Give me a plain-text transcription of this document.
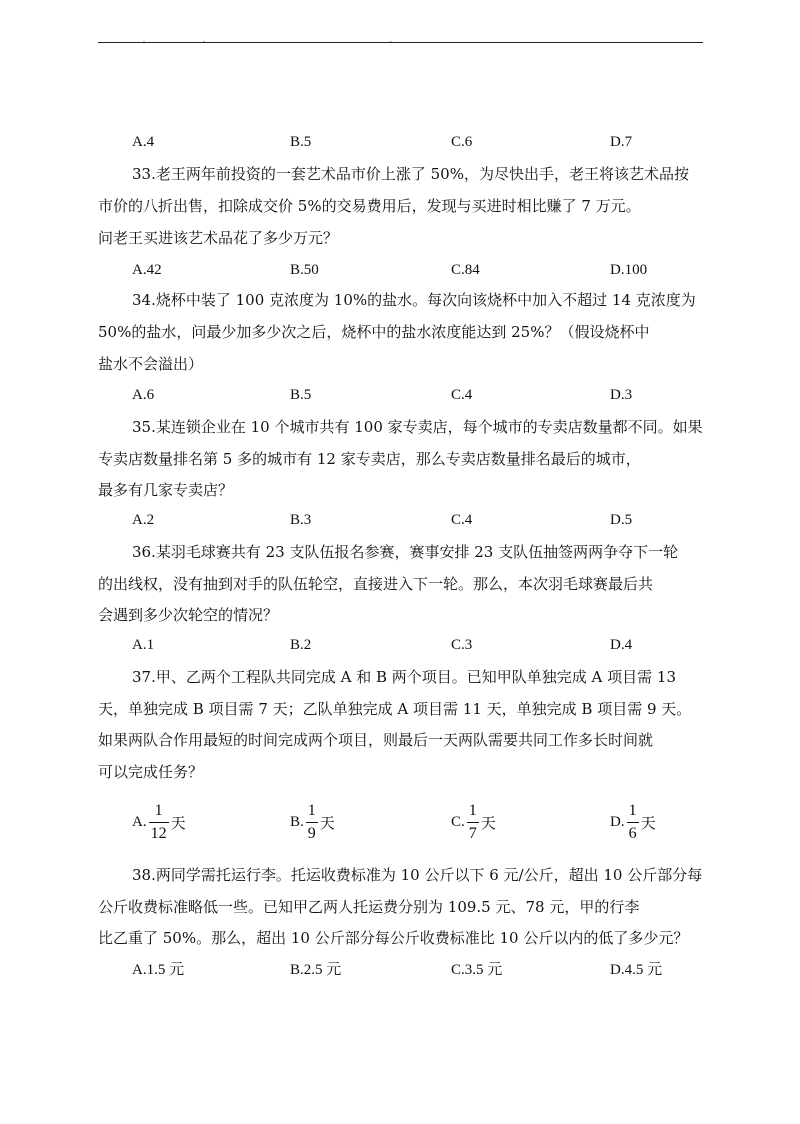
.	.	.
A.4	B.5	C.6	D.7
33.老王两年前投资的一套艺术品市价上涨了 50%，为尽快出手，老王将该艺术品按
市价的八折出售，扣除成交价 5%的交易费用后，发现与买进时相比赚了 7 万元。
问老王买进该艺术品花了多少万元？
A.42	B.50	C.84	D.100
34.烧杯中装了 100 克浓度为 10%的盐水。每次向该烧杯中加入不超过 14 克浓度为
50%的盐水，问最少加多少次之后，烧杯中的盐水浓度能达到 25%？（假设烧杯中
盐水不会溢出）
A.6	B.5	C.4	D.3
35.某连锁企业在 10 个城市共有 100 家专卖店，每个城市的专卖店数量都不同。如果
专卖店数量排名第 5 多的城市有 12 家专卖店，那么专卖店数量排名最后的城市，
最多有几家专卖店？
A.2	B.3	C.4	D.5
36.某羽毛球赛共有 23 支队伍报名参赛，赛事安排 23 支队伍抽签两两争夺下一轮
的出线权，没有抽到对手的队伍轮空，直接进入下一轮。那么，本次羽毛球赛最后共
会遇到多少次轮空的情况？
A.1	B.2	C.3	D.4
37.甲、乙两个工程队共同完成 A 和 B 两个项目。已知甲队单独完成 A 项目需 13
天，单独完成 B 项目需 7 天；乙队单独完成 A 项目需 11 天，单独完成 B 项目需 9 天。
如果两队合作用最短的时间完成两个项目，则最后一天两队需要共同工作多长时间就
可以完成任务？
A. $\frac{1}{12}$ 天	B. $\frac{1}{9}$ 天	C. $\frac{1}{7}$ 天	D. $\frac{1}{6}$ 天
38.两同学需托运行李。托运收费标准为 10 公斤以下 6 元/公斤，超出 10 公斤部分每
公斤收费标准略低一些。已知甲乙两人托运费分别为 109.5 元、78 元，甲的行李
比乙重了 50%。那么，超出 10 公斤部分每公斤收费标准比 10 公斤以内的低了多少元？
A.1.5 元	B.2.5 元	C.3.5 元	D.4.5 元
